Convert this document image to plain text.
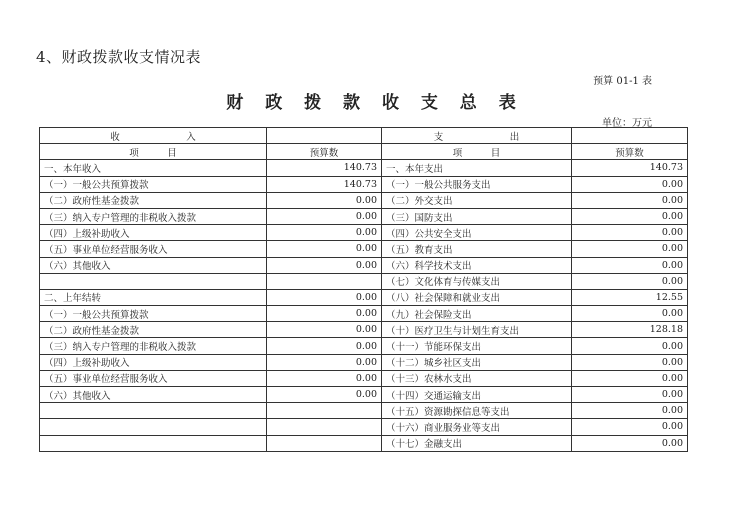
4、财政拨款收支情况表
预算 01-1 表
财 政 拨 款 收 支 总 表
单位：万元
收　　　　　　　入		支　　　　　　　出	
项　　　目	预算数	项　　　目	预算数
一、本年收入	140.73	一、本年支出	140.73
（一）一般公共预算拨款	140.73	（一）一般公共服务支出	0.00
（二）政府性基金拨款	0.00	（二）外交支出	0.00
（三）纳入专户管理的非税收入拨款	0.00	（三）国防支出	0.00
（四）上级补助收入	0.00	（四）公共安全支出	0.00
（五）事业单位经营服务收入	0.00	（五）教育支出	0.00
（六）其他收入	0.00	（六）科学技术支出	0.00
		（七）文化体育与传媒支出	0.00
二、上年结转	0.00	（八）社会保障和就业支出	12.55
（一）一般公共预算拨款	0.00	（九）社会保险支出	0.00
（二）政府性基金拨款	0.00	（十）医疗卫生与计划生育支出	128.18
（三）纳入专户管理的非税收入拨款	0.00	（十一）节能环保支出	0.00
（四）上级补助收入	0.00	（十二）城乡社区支出	0.00
（五）事业单位经营服务收入	0.00	（十三）农林水支出	0.00
（六）其他收入	0.00	（十四）交通运输支出	0.00
		（十五）资源勘探信息等支出	0.00
		（十六）商业服务业等支出	0.00
		（十七）金融支出	0.00
